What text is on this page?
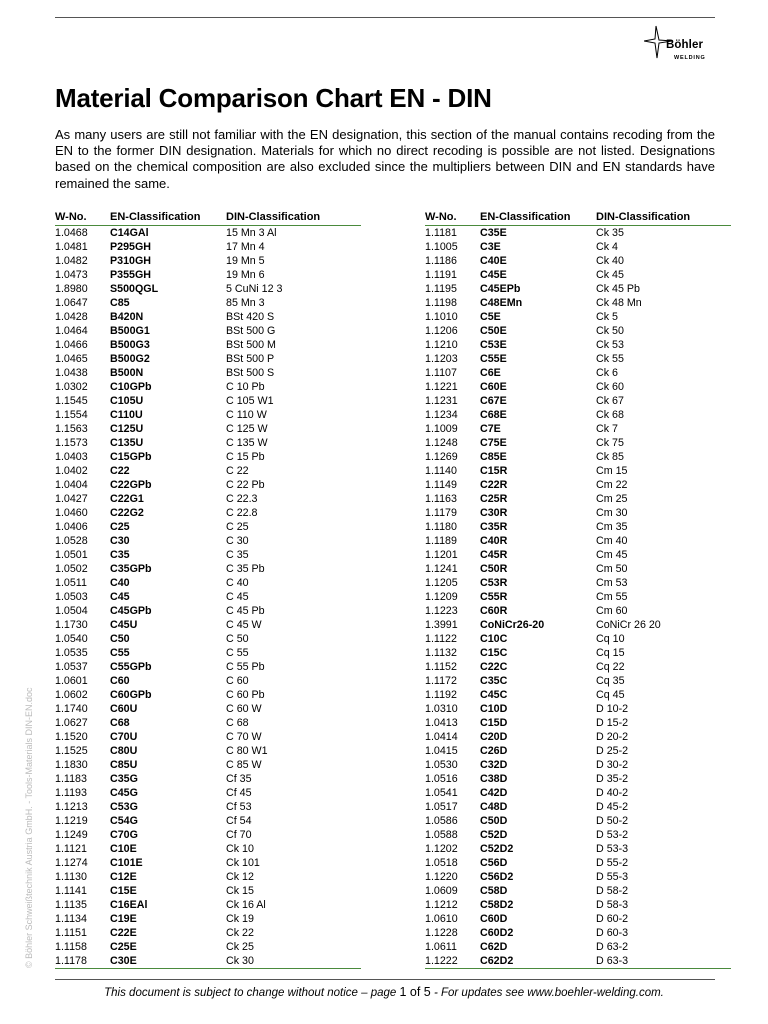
Böhler
WELDING
Material Comparison Chart EN - DIN

As many users are still not familiar with the EN designation, this section of the manual contains recoding from the EN to the former DIN designation. Materials for which no direct recoding is possible are not listed. Designations based on the chemical composition are also excluded since the multipliers between DIN and EN standards have remained the same.

W-No.	EN-Classification	DIN-Classification
1.0468	C14GAl	15 Mn 3 Al
1.0481	P295GH	17 Mn 4
1.0482	P310GH	19 Mn 5
1.0473	P355GH	19 Mn 6
1.8980	S500QGL	5 CuNi 12 3
1.0647	C85	85 Mn 3
1.0428	B420N	BSt 420 S
1.0464	B500G1	BSt 500 G
1.0466	B500G3	BSt 500 M
1.0465	B500G2	BSt 500 P
1.0438	B500N	BSt 500 S
1.0302	C10GPb	C 10 Pb
1.1545	C105U	C 105 W1
1.1554	C110U	C 110 W
1.1563	C125U	C 125 W
1.1573	C135U	C 135 W
1.0403	C15GPb	C 15 Pb
1.0402	C22	C 22
1.0404	C22GPb	C 22 Pb
1.0427	C22G1	C 22.3
1.0460	C22G2	C 22.8
1.0406	C25	C 25
1.0528	C30	C 30
1.0501	C35	C 35
1.0502	C35GPb	C 35 Pb
1.0511	C40	C 40
1.0503	C45	C 45
1.0504	C45GPb	C 45 Pb
1.1730	C45U	C 45 W
1.0540	C50	C 50
1.0535	C55	C 55
1.0537	C55GPb	C 55 Pb
1.0601	C60	C 60
1.0602	C60GPb	C 60 Pb
1.1740	C60U	C 60 W
1.0627	C68	C 68
1.1520	C70U	C 70 W
1.1525	C80U	C 80 W1
1.1830	C85U	C 85 W
1.1183	C35G	Cf 35
1.1193	C45G	Cf 45
1.1213	C53G	Cf 53
1.1219	C54G	Cf 54
1.1249	C70G	Cf 70
1.1121	C10E	Ck 10
1.1274	C101E	Ck 101
1.1130	C12E	Ck 12
1.1141	C15E	Ck 15
1.1135	C16EAl	Ck 16 Al
1.1134	C19E	Ck 19
1.1151	C22E	Ck 22
1.1158	C25E	Ck 25
1.1178	C30E	Ck 30
W-No.	EN-Classification	DIN-Classification
1.1181	C35E	Ck 35
1.1005	C3E	Ck 4
1.1186	C40E	Ck 40
1.1191	C45E	Ck 45
1.1195	C45EPb	Ck 45 Pb
1.1198	C48EMn	Ck 48 Mn
1.1010	C5E	Ck 5
1.1206	C50E	Ck 50
1.1210	C53E	Ck 53
1.1203	C55E	Ck 55
1.1107	C6E	Ck 6
1.1221	C60E	Ck 60
1.1231	C67E	Ck 67
1.1234	C68E	Ck 68
1.1009	C7E	Ck 7
1.1248	C75E	Ck 75
1.1269	C85E	Ck 85
1.1140	C15R	Cm 15
1.1149	C22R	Cm 22
1.1163	C25R	Cm 25
1.1179	C30R	Cm 30
1.1180	C35R	Cm 35
1.1189	C40R	Cm 40
1.1201	C45R	Cm 45
1.1241	C50R	Cm 50
1.1205	C53R	Cm 53
1.1209	C55R	Cm 55
1.1223	C60R	Cm 60
1.3991	CoNiCr26-20	CoNiCr 26 20
1.1122	C10C	Cq 10
1.1132	C15C	Cq 15
1.1152	C22C	Cq 22
1.1172	C35C	Cq 35
1.1192	C45C	Cq 45
1.0310	C10D	D 10-2
1.0413	C15D	D 15-2
1.0414	C20D	D 20-2
1.0415	C26D	D 25-2
1.0530	C32D	D 30-2
1.0516	C38D	D 35-2
1.0541	C42D	D 40-2
1.0517	C48D	D 45-2
1.0586	C50D	D 50-2
1.0588	C52D	D 53-2
1.1202	C52D2	D 53-3
1.0518	C56D	D 55-2
1.1220	C56D2	D 55-3
1.0609	C58D	D 58-2
1.1212	C58D2	D 58-3
1.0610	C60D	D 60-2
1.1228	C60D2	D 60-3
1.0611	C62D	D 63-2
1.1222	C62D2	D 63-3
© Böhler Schweißtechnik Austria GmbH. - Tools-Materials DIN-EN.doc
This document is subject to change without notice – page 1 of 5 - For updates see www.boehler-welding.com.
